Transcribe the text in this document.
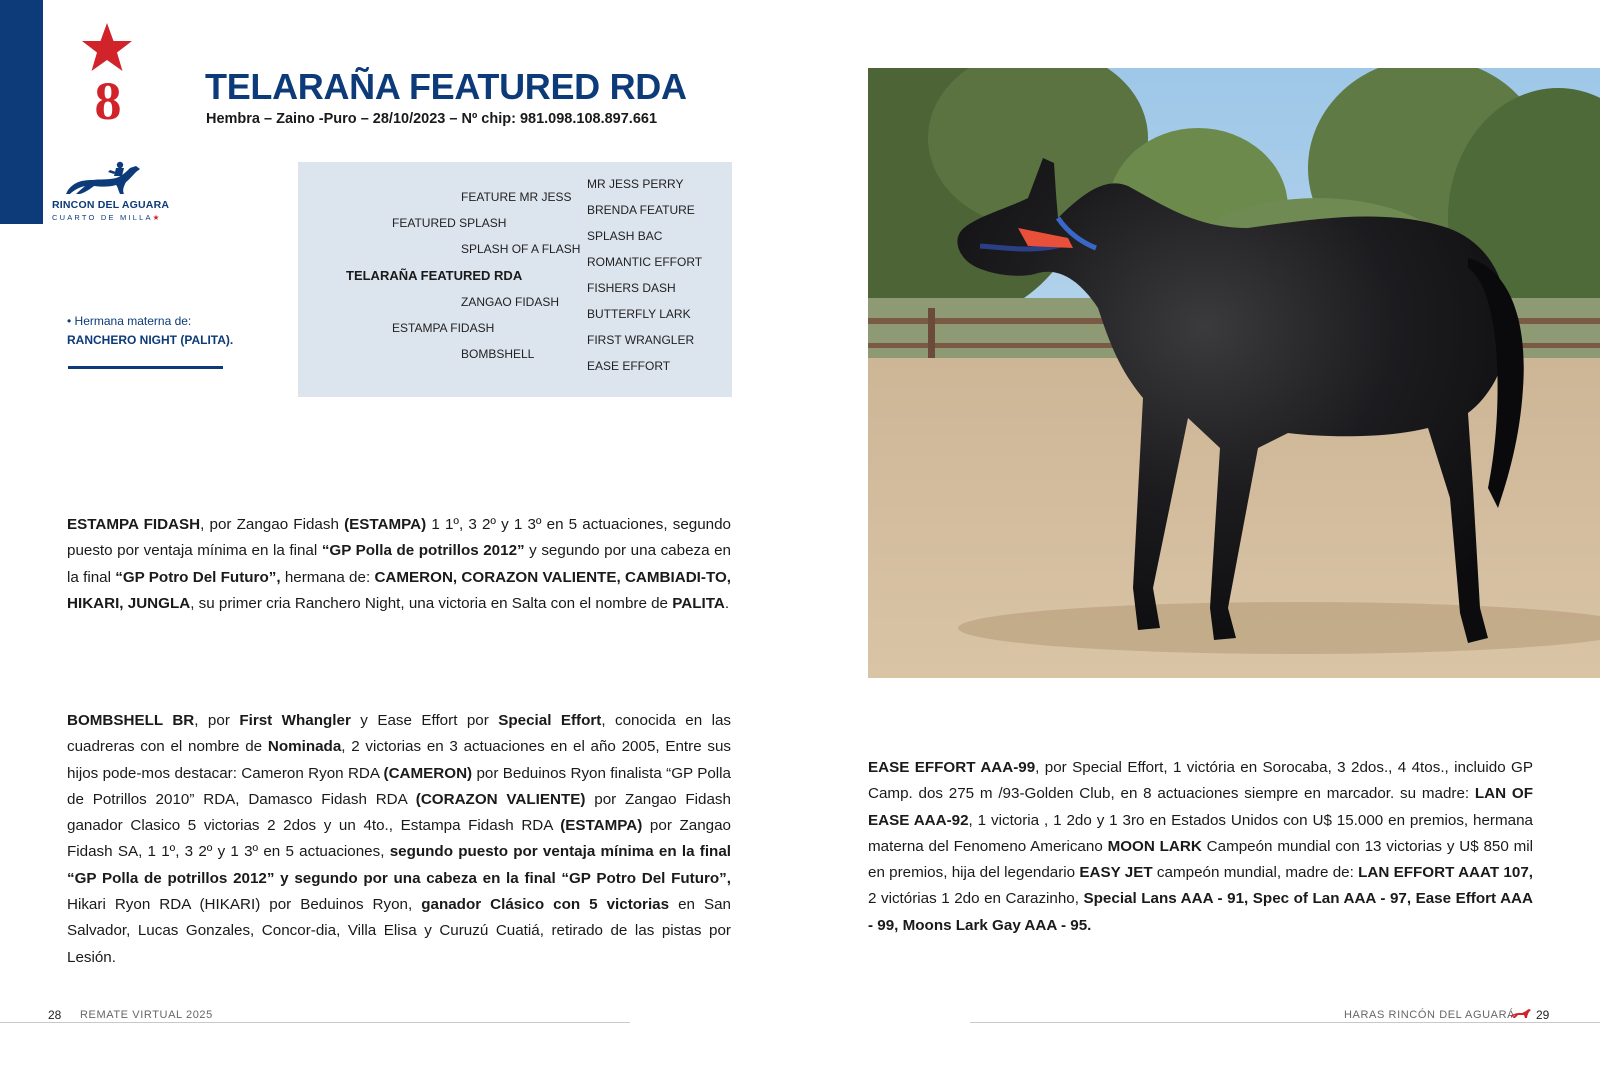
8
RINCON DEL AGUARA
CUARTO DE MILLA★
TELARAÑA FEATURED RDA
Hembra – Zaino -Puro – 28/10/2023 – Nº chip: 981.098.108.897.661
• Hermana materna de:
RANCHERO NIGHT (PALITA).
MR JESS PERRY
FEATURE MR JESS
BRENDA FEATURE
FEATURED SPLASH
SPLASH BAC
SPLASH OF A FLASH
ROMANTIC EFFORT
TELARAÑA FEATURED RDA
FISHERS DASH
ZANGAO FIDASH
BUTTERFLY LARK
ESTAMPA FIDASH
FIRST WRANGLER
BOMBSHELL
EASE EFFORT
ESTAMPA FIDASH, por Zangao Fidash (ESTAMPA) 1 1º, 3 2º y 1 3º en 5 actuaciones, segundo puesto por ventaja mínima en la final “GP Polla de potrillos 2012” y segundo por una cabeza en la final “GP Potro Del Futuro”, hermana de: CAMERON, CORAZON VALIENTE, CAMBIADI-TO, HIKARI, JUNGLA, su primer cria Ranchero Night, una victoria en Salta con el nombre de PALITA.
BOMBSHELL BR, por First Whangler y Ease Effort por Special Effort, conocida en las cuadreras con el nombre de Nominada, 2 victorias en 3 actuaciones en el año 2005, Entre sus hijos pode-mos destacar: Cameron Ryon RDA (CAMERON) por Beduinos Ryon finalista “GP Polla de Potrillos 2010” RDA, Damasco Fidash RDA (CORAZON VALIENTE) por Zangao Fidash ganador Clasico 5 victorias 2 2dos y un 4to., Estampa Fidash RDA (ESTAMPA) por Zangao Fidash SA, 1 1º, 3 2º y 1 3º en 5 actuaciones, segundo puesto por ventaja mínima en la final “GP Polla de potrillos 2012” y segundo por una cabeza en la final “GP Potro Del Futuro”, Hikari Ryon RDA (HIKARI) por Beduinos Ryon, ganador Clásico con 5 victorias en San Salvador, Lucas Gonzales, Concor-dia, Villa Elisa y Curuzú Cuatiá, retirado de las pistas por Lesión.
EASE EFFORT AAA-99, por Special Effort, 1 victória en Sorocaba, 3 2dos., 4 4tos., incluido GP Camp. dos 275 m /93-Golden Club, en 8 actuaciones siempre en marcador. su madre: LAN OF EASE AAA-92, 1 victoria , 1 2do y 1 3ro en Estados Unidos con U$ 15.000 en premios, hermana materna del Fenomeno Americano MOON LARK Campeón mundial con 13 victorias y U$ 850 mil en premios, hija del legendario EASY JET campeón mundial, madre de: LAN EFFORT AAAT 107, 2 victórias 1 2do en Carazinho, Special Lans AAA - 91, Spec of Lan AAA - 97, Ease Effort AAA - 99, Moons Lark Gay AAA - 95.
28 REMATE VIRTUAL 2025	HARAS RINCÓN DEL AGUARÁ 29
